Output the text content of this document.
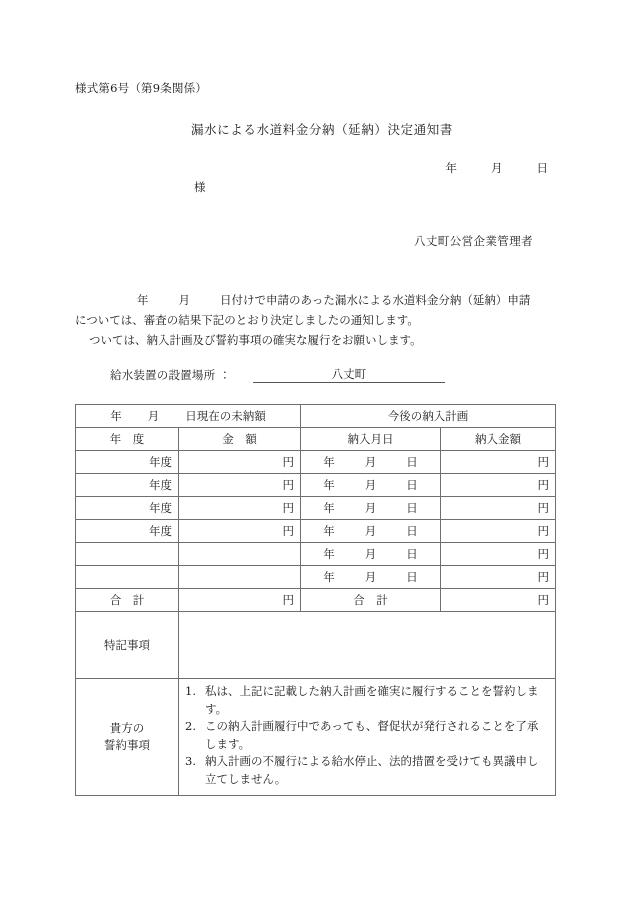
様式第6号（第9条関係）
漏水による水道料金分納（延納）決定通知書
年	月	日
様
八丈町公営企業管理者
年	月	日付けで申請のあった漏水による水道料金分納（延納）申請
については、審査の結果下記のとおり決定しましたの通知します。
ついては、納入計画及び誓約事項の確実な履行をお願いします。
給水装置の設置場所 ：	八丈町
年 月 日現在の未納額		今後の納入計画	
年　度	金　額	納入月日	納入金額
年度	円	年 月 日	円
年度	円	年 月 日	円
年度	円	年 月 日	円
年度	円	年 月 日	円
		年 月 日	円
		年 月 日	円
合　計	円	合　計	円
特記事項			

貴方の
誓約事項

1. 私は、上記に記載した納入計画を確実に履行することを誓約します。
2. この納入計画履行中であっても、督促状が発行されることを了承します。
3. 納入計画の不履行による給水停止、法的措置を受けても異議申し立てしません。
